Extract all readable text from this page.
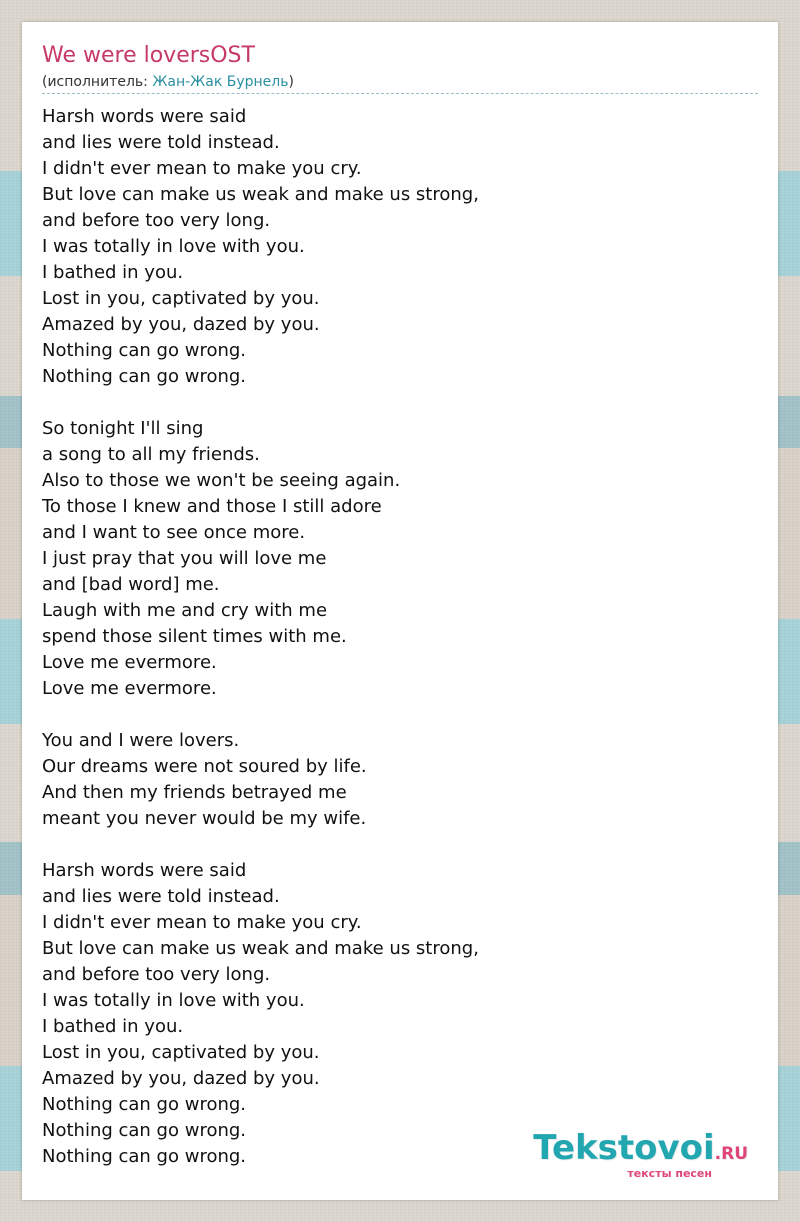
We were loversOST
(исполнитель: Жан-Жак Бурнель)
Harsh words were said
and lies were told instead.
I didn't ever mean to make you cry.
But love can make us weak and make us strong,
and before too very long.
I was totally in love with you.
I bathed in you.
Lost in you, captivated by you.
Amazed by you, dazed by you.
Nothing can go wrong.
Nothing can go wrong.
So tonight I'll sing
a song to all my friends.
Also to those we won't be seeing again.
To those I knew and those I still adore
and I want to see once more.
I just pray that you will love me
and [bad word] me.
Laugh with me and cry with me
spend those silent times with me.
Love me evermore.
Love me evermore.
You and I were lovers.
Our dreams were not soured by life.
And then my friends betrayed me
meant you never would be my wife.
Harsh words were said
and lies were told instead.
I didn't ever mean to make you cry.
But love can make us weak and make us strong,
and before too very long.
I was totally in love with you.
I bathed in you.
Lost in you, captivated by you.
Amazed by you, dazed by you.
Nothing can go wrong.
Nothing can go wrong.
Nothing can go wrong.	Tekstovoi.RU
тексты песен
